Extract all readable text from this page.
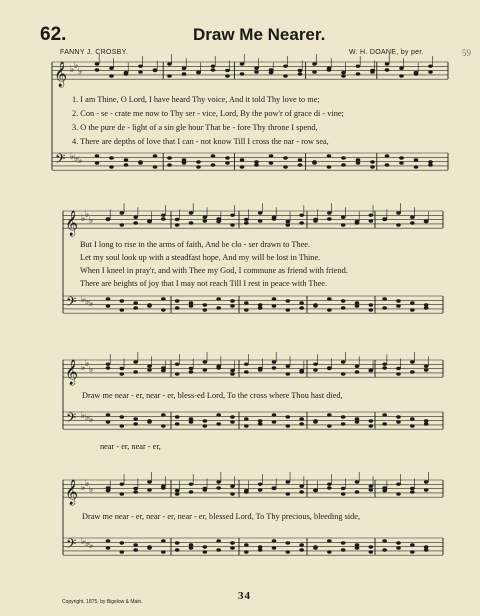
𝄞
𝄢
♭
♭
♭
♭
♭
♭
𝄞
𝄢
♭
♭
♭
♭
♭
♭
𝄞
𝄢
♭
♭
♭
♭
♭
♭
𝄞
𝄢
♭
♭
♭
♭
♭
♭
62.	Draw Me Nearer.
FANNY J. CROSBY.	W. H. DOANE, by per.
1. I am Thine, O Lord, I have heard Thy voice, And it told Thy love to me;
2. Con - se - crate me now to Thy ser - vice, Lord, By the pow'r of grace di - vine;
3. O the pure de - light of a sin gle hour That be - fore Thy throne I spend,
4. There are depths of love that I can - not know Till I cross the nar - row sea,
But I long to rise in the arms of faith, And be clo - ser drawn to Thee.
Let my soul look up with a steadfast hope, And my will be lost in Thine.
When I kneel in pray'r, and with Thee my God, I commune as friend with friend.
There are heights of joy that I may not reach Till I rest in peace with Thee.
Draw me near - er, near - er, bless-ed Lord, To the cross where Thou hast died,
near - er, near - er,
Draw me near - er, near - er, near - er, blessed Lord, To Thy precious, bleeding side,
Copyright, 1875, by Bigelow & Main.	34
59
